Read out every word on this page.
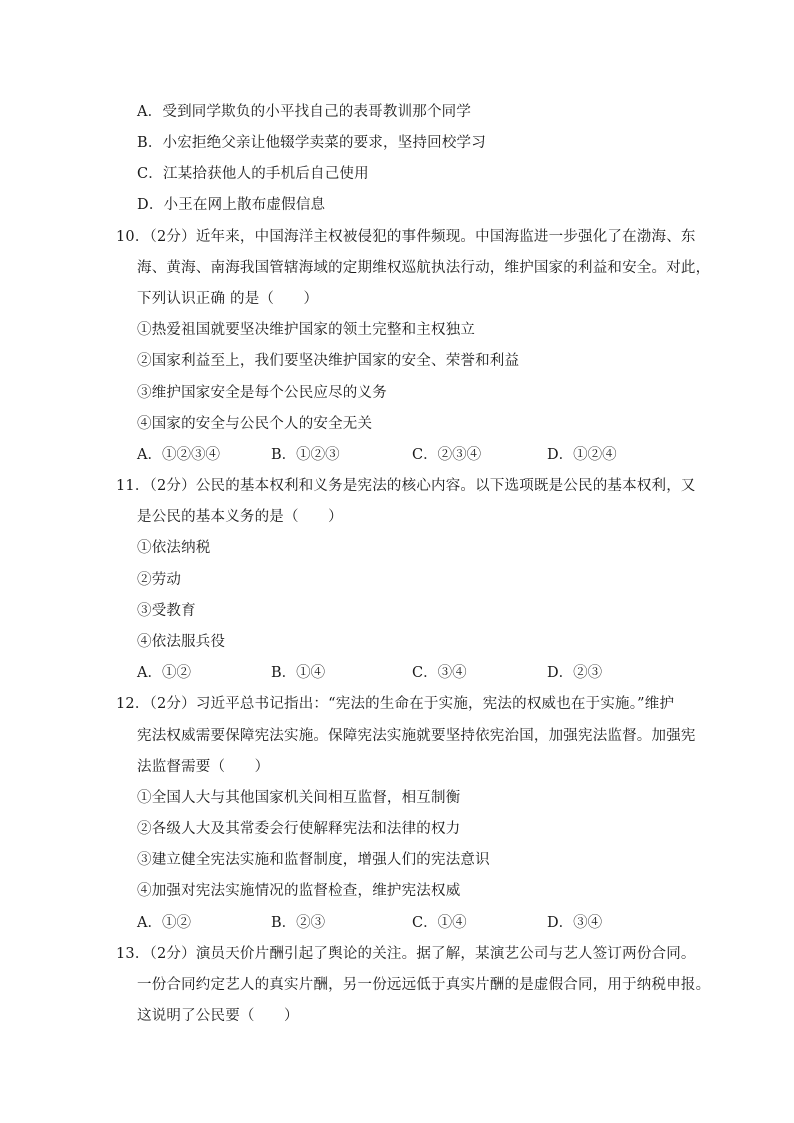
A．受到同学欺负的小平找自己的表哥教训那个同学
B．小宏拒绝父亲让他辍学卖菜的要求，坚持回校学习
C．江某拾获他人的手机后自己使用
D．小王在网上散布虚假信息
10．（2分）近年来，中国海洋主权被侵犯的事件频现。中国海监进一步强化了在渤海、东
海、黄海、南海我国管辖海域的定期维权巡航执法行动，维护国家的利益和安全。对此，
下列认识正确 的是（　　）
①热爱祖国就要坚决维护国家的领土完整和主权独立
②国家利益至上，我们要坚决维护国家的安全、荣誉和利益
③维护国家安全是每个公民应尽的义务
④国家的安全与公民个人的安全无关
A．①②③④	B．①②③	C．②③④	D．①②④
11．（2分）公民的基本权利和义务是宪法的核心内容。以下选项既是公民的基本权利，又
是公民的基本义务的是（　　）
①依法纳税
②劳动
③受教育
④依法服兵役
A．①②	B．①④	C．③④	D．②③
12．（2分）习近平总书记指出：“宪法的生命在于实施，宪法的权威也在于实施。”维护
宪法权威需要保障宪法实施。保障宪法实施就要坚持依宪治国，加强宪法监督。加强宪
法监督需要（　　）
①全国人大与其他国家机关间相互监督，相互制衡
②各级人大及其常委会行使解释宪法和法律的权力
③建立健全宪法实施和监督制度，增强人们的宪法意识
④加强对宪法实施情况的监督检查，维护宪法权威
A．①②	B．②③	C．①④	D．③④
13．（2分）演员天价片酬引起了舆论的关注。据了解，某演艺公司与艺人签订两份合同。
一份合同约定艺人的真实片酬，另一份远远低于真实片酬的是虚假合同，用于纳税申报。
这说明了公民要（　　）
